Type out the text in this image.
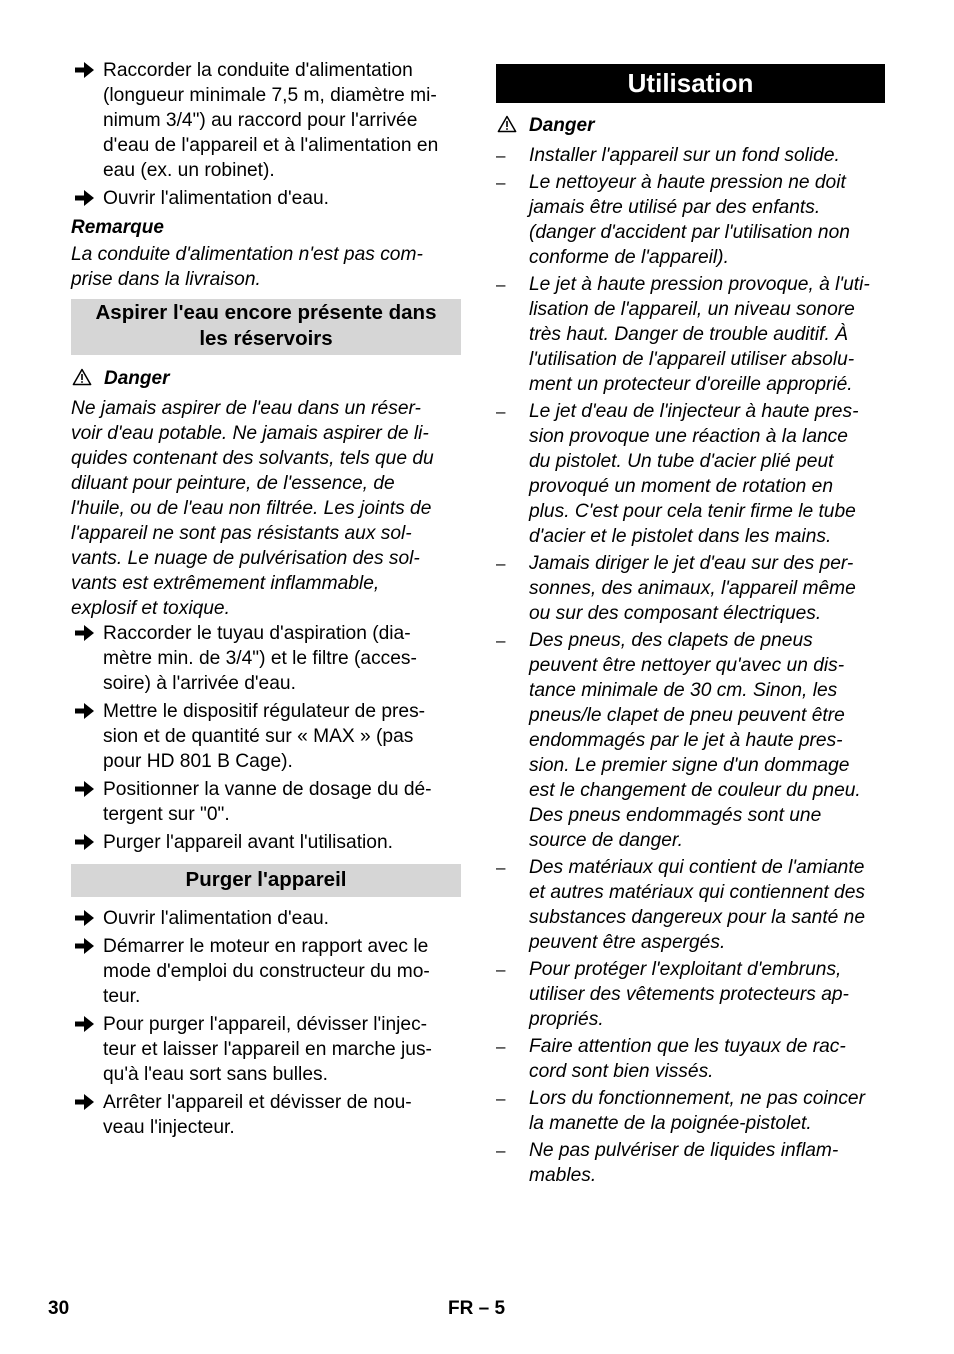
Raccorder la conduite d'alimentation
(longueur minimale 7,5 m, diamètre mi-
nimum 3/4") au raccord pour l'arrivée
d'eau de l'appareil et à l'alimentation en
eau (ex. un robinet).

Ouvrir l'alimentation d'eau.

Remarque

La conduite d'alimentation n'est pas com-
prise dans la livraison.

Aspirer l'eau encore présente dans
les réservoirs
Danger

Ne jamais aspirer de l'eau dans un réser-
voir d'eau potable. Ne jamais aspirer de li-
quides contenant des solvants, tels que du
diluant pour peinture, de l'essence, de
l'huile, ou de l'eau non filtrée. Les joints de
l'appareil ne sont pas résistants aux sol-
vants. Le nuage de pulvérisation des sol-
vants est extrêmement inflammable,
explosif et toxique.

Raccorder le tuyau d'aspiration (dia-
mètre min. de 3/4") et le filtre (acces-
soire) à l'arrivée d'eau.

Mettre le dispositif régulateur de pres-
sion et de quantité sur « MAX » (pas
pour HD 801 B Cage).

Positionner la vanne de dosage du dé-
tergent sur "0".

Purger l'appareil avant l'utilisation.

Purger l'appareil

Ouvrir l'alimentation d'eau.

Démarrer le moteur en rapport avec le
mode d'emploi du constructeur du mo-
teur.

Pour purger l'appareil, dévisser l'injec-
teur et laisser l'appareil en marche jus-
qu'à l'eau sort sans bulles.

Arrêter l'appareil et dévisser de nou-
veau l'injecteur.

Utilisation
Danger
– Installer l'appareil sur un fond solide.

– Le nettoyeur à haute pression ne doit
jamais être utilisé par des enfants.
(danger d'accident par l'utilisation non
conforme de l'appareil).

– Le jet à haute pression provoque, à l'uti-
lisation de l'appareil, un niveau sonore
très haut. Danger de trouble auditif. À
l'utilisation de l'appareil utiliser absolu-
ment un protecteur d'oreille approprié.

– Le jet d'eau de l'injecteur à haute pres-
sion provoque une réaction à la lance
du pistolet. Un tube d'acier plié peut
provoqué un moment de rotation en
plus. C'est pour cela tenir firme le tube
d'acier et le pistolet dans les mains.

– Jamais diriger le jet d'eau sur des per-
sonnes, des animaux, l'appareil même
ou sur des composant électriques.

– Des pneus, des clapets de pneus
peuvent être nettoyer qu'avec un dis-
tance minimale de 30 cm. Sinon, les
pneus/le clapet de pneu peuvent être
endommagés par le jet à haute pres-
sion. Le premier signe d'un dommage
est le changement de couleur du pneu.
Des pneus endommagés sont une
source de danger.

– Des matériaux qui contient de l'amiante
et autres matériaux qui contiennent des
substances dangereux pour la santé ne
peuvent être aspergés.

– Pour protéger l'exploitant d'embruns,
utiliser des vêtements protecteurs ap-
propriés.

– Faire attention que les tuyaux de rac-
cord sont bien vissés.

– Lors du fonctionnement, ne pas coincer
la manette de la poignée-pistolet.

– Ne pas pulvériser de liquides inflam-
mables.

30	FR – 5
